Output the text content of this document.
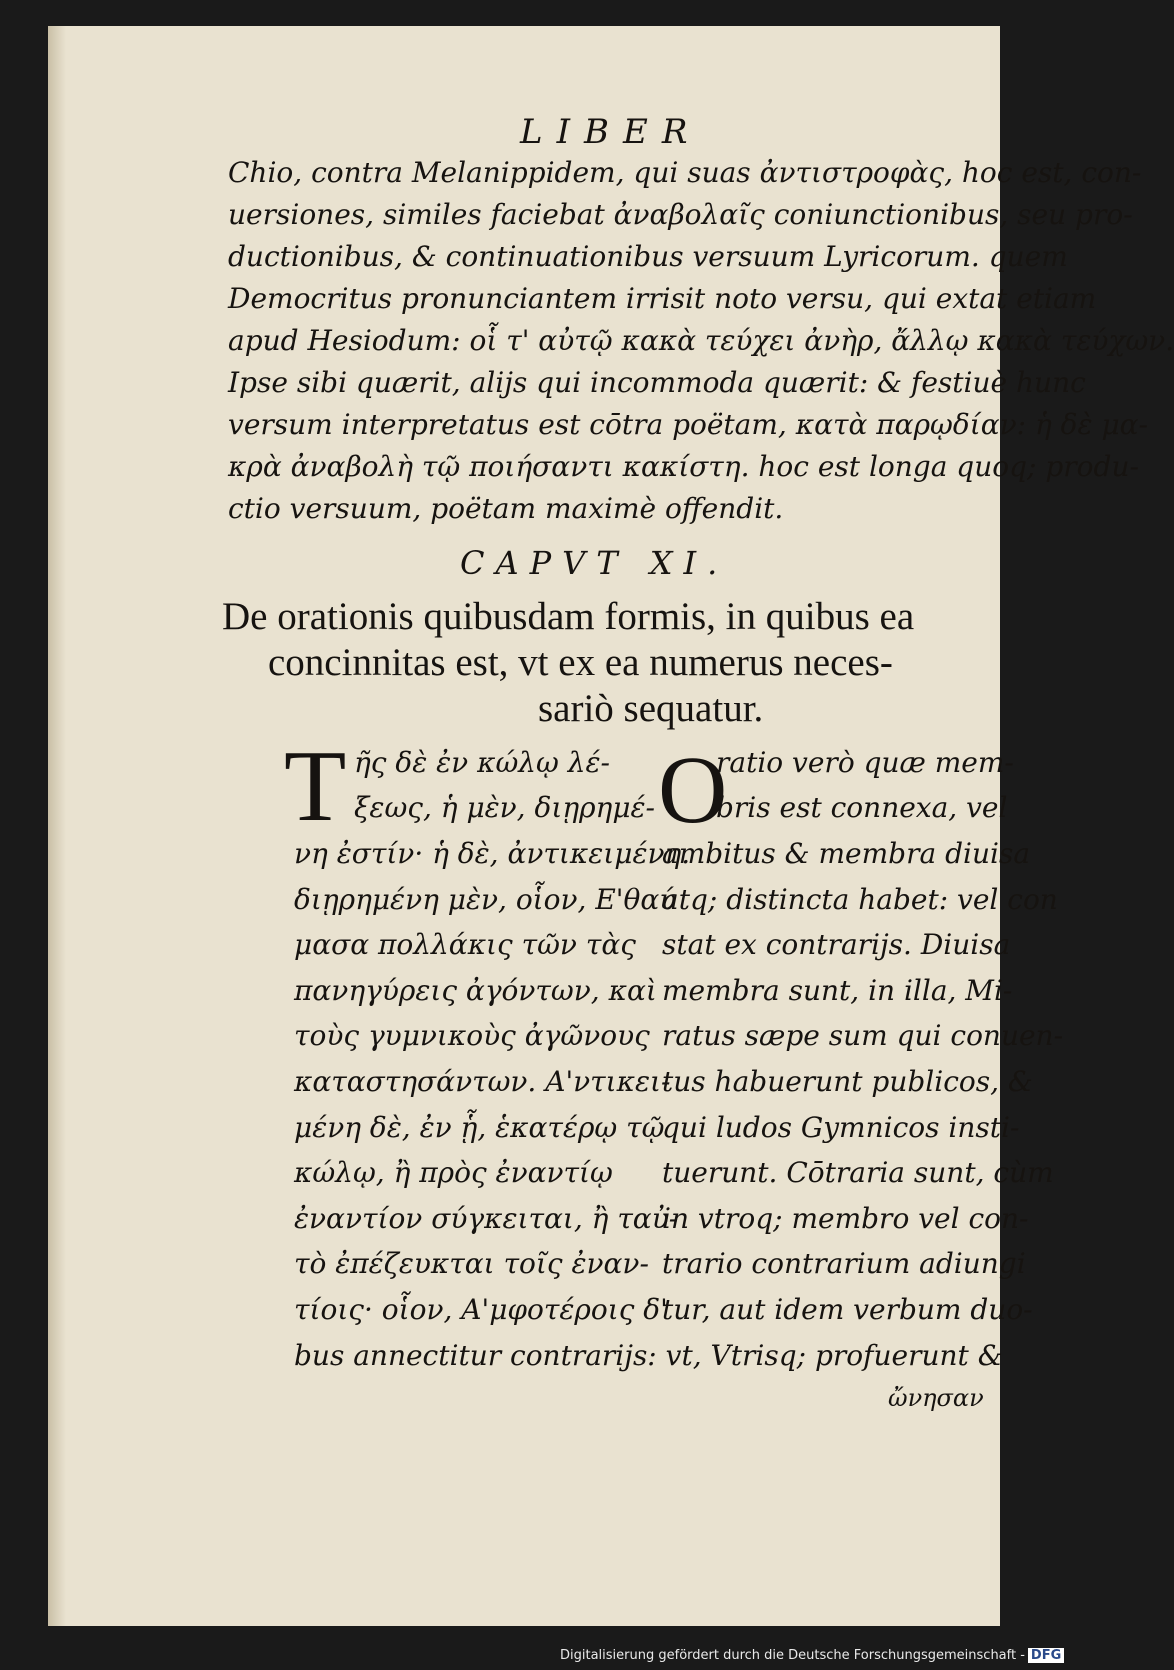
LIBER
Chio, contra Melanippidem, qui suas ἀντιστροφὰς, hoc est, con-
uersiones, similes faciebat ἀναβολαῖς coniunctionibus, seu pro-
ductionibus, & continuationibus versuum Lyricorum. quem
Democritus pronunciantem irrisit noto versu, qui extat etiam
apud Hesiodum: οἷ τ' αὐτῷ κακὰ τεύχει ἀνὴρ, ἄλλῳ κακὰ τεύχων.
Ipse sibi quærit, alijs qui incommoda quærit: & festiuè hunc
versum interpretatus est cōtra poëtam, κατὰ παρῳδίαν: ἡ δὲ μα-
κρὰ ἀναβολὴ τῷ ποιήσαντι κακίστη. hoc est longa quoq; produ-
ctio versuum, poëtam maximè offendit.
CAPVT XI.
De orationis quibusdam formis, in quibus ea
concinnitas est, vt ex ea numerus neces-
sariò sequatur.
T	O
ῆς δὲ ἐν κώλῳ λέ-
ξεως, ἡ μὲν, διῃρημέ-
νη ἐστίν· ἡ δὲ, ἀντικειμένη.
διῃρημένη μὲν, οἷον, Ε'θαύ
μασα πολλάκις τῶν τὰς
πανηγύρεις ἀγόντων, καὶ
τοὺς γυμνικοὺς ἀγῶνους
καταστησάντων. Α'ντικει-
μένη δὲ, ἐν ᾗ, ἑκατέρῳ τῷ
κώλῳ, ἢ πρὸς ἐναντίῳ
ἐναντίον σύγκειται, ἢ ταὐ-
τὸ ἐπέζευκται τοῖς ἐναν-
τίοις· οἷον, Α'μφοτέροις δ'
ratio verò quæ mem-
bris est connexa, vel
ambitus & membra diuisa
atq; distincta habet: vel con
stat ex contrarijs. Diuisa
membra sunt, in illa, Mi-
ratus sæpe sum qui conuen-
tus habuerunt publicos, &
qui ludos Gymnicos insti-
tuerunt. Cōtraria sunt, cùm
in vtroq; membro vel con-
trario contrarium adiungi
tur, aut idem verbum duo-
bus annectitur contrarijs: vt, Vtrisq; profuerunt &
ὤνησαν
Digitalisierung gefördert durch die Deutsche Forschungsgemeinschaft - DFG
